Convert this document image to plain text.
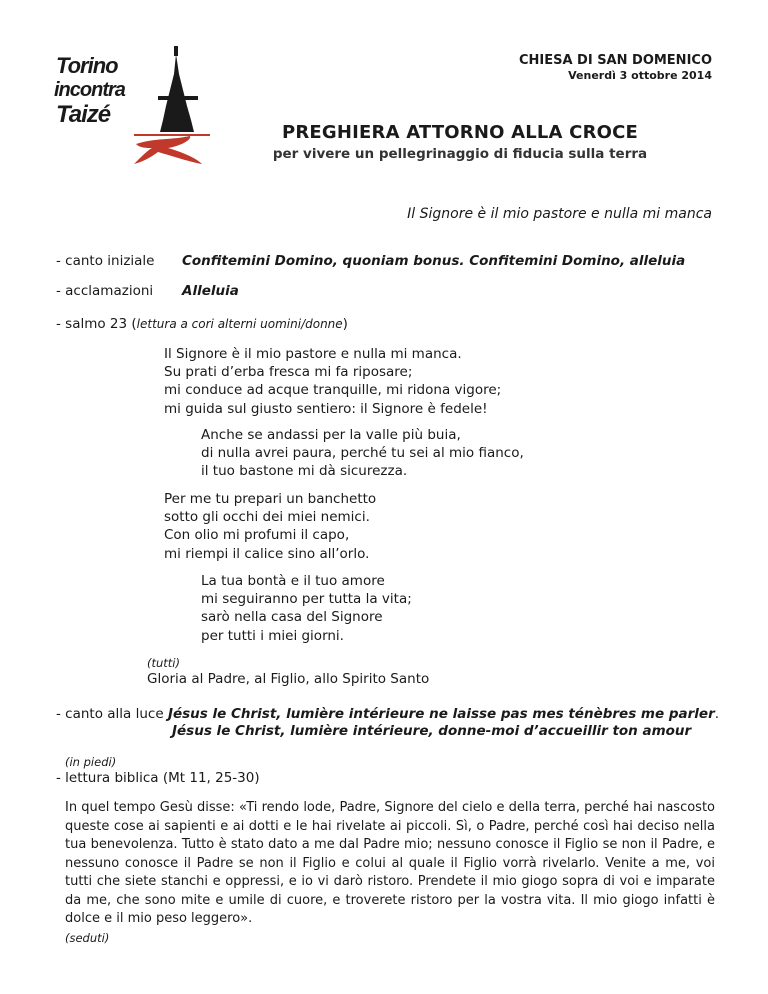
Torino
incontra
Taizé
CHIESA DI SAN DOMENICO
Venerdì 3 ottobre 2014
PREGHIERA ATTORNO ALLA CROCE
per vivere un pellegrinaggio di fiducia sulla terra
Il Signore è il mio pastore e nulla mi manca
- canto iniziale Confitemini Domino, quoniam bonus. Confitemini Domino, alleluia
- acclamazioni Alleluia
- salmo 23 (lettura a cori alterni uomini/donne)
Il Signore è il mio pastore e nulla mi manca.
Su prati d’erba fresca mi fa riposare;
mi conduce ad acque tranquille, mi ridona vigore;
mi guida sul giusto sentiero: il Signore è fedele!
Anche se andassi per la valle più buia,
di nulla avrei paura, perché tu sei al mio fianco,
il tuo bastone mi dà sicurezza.
Per me tu prepari un banchetto
sotto gli occhi dei miei nemici.
Con olio mi profumi il capo,
mi riempi il calice sino all’orlo.
La tua bontà e il tuo amore
mi seguiranno per tutta la vita;
sarò nella casa del Signore
per tutti i miei giorni.
(tutti)
Gloria al Padre, al Figlio, allo Spirito Santo
- canto alla luce Jésus le Christ, lumière intérieure ne laisse pas mes ténèbres me parler.
Jésus le Christ, lumière intérieure, donne-moi d’accueillir ton amour
(in piedi)
- lettura biblica (Mt 11, 25-30)
In quel tempo Gesù disse: «Ti rendo lode, Padre, Signore del cielo e della terra, perché hai nascosto queste cose ai sapienti e ai dotti e le hai rivelate ai piccoli. Sì, o Padre, perché così hai deciso nella tua benevolenza. Tutto è stato dato a me dal Padre mio; nessuno conosce il Figlio se non il Padre, e nessuno conosce il Padre se non il Figlio e colui al quale il Figlio vorrà rivelarlo. Venite a me, voi tutti che siete stanchi e oppressi, e io vi darò ristoro. Prendete il mio giogo sopra di voi e imparate da me, che sono mite e umile di cuore, e troverete ristoro per la vostra vita. Il mio giogo infatti è dolce e il mio peso leggero».
(seduti)
